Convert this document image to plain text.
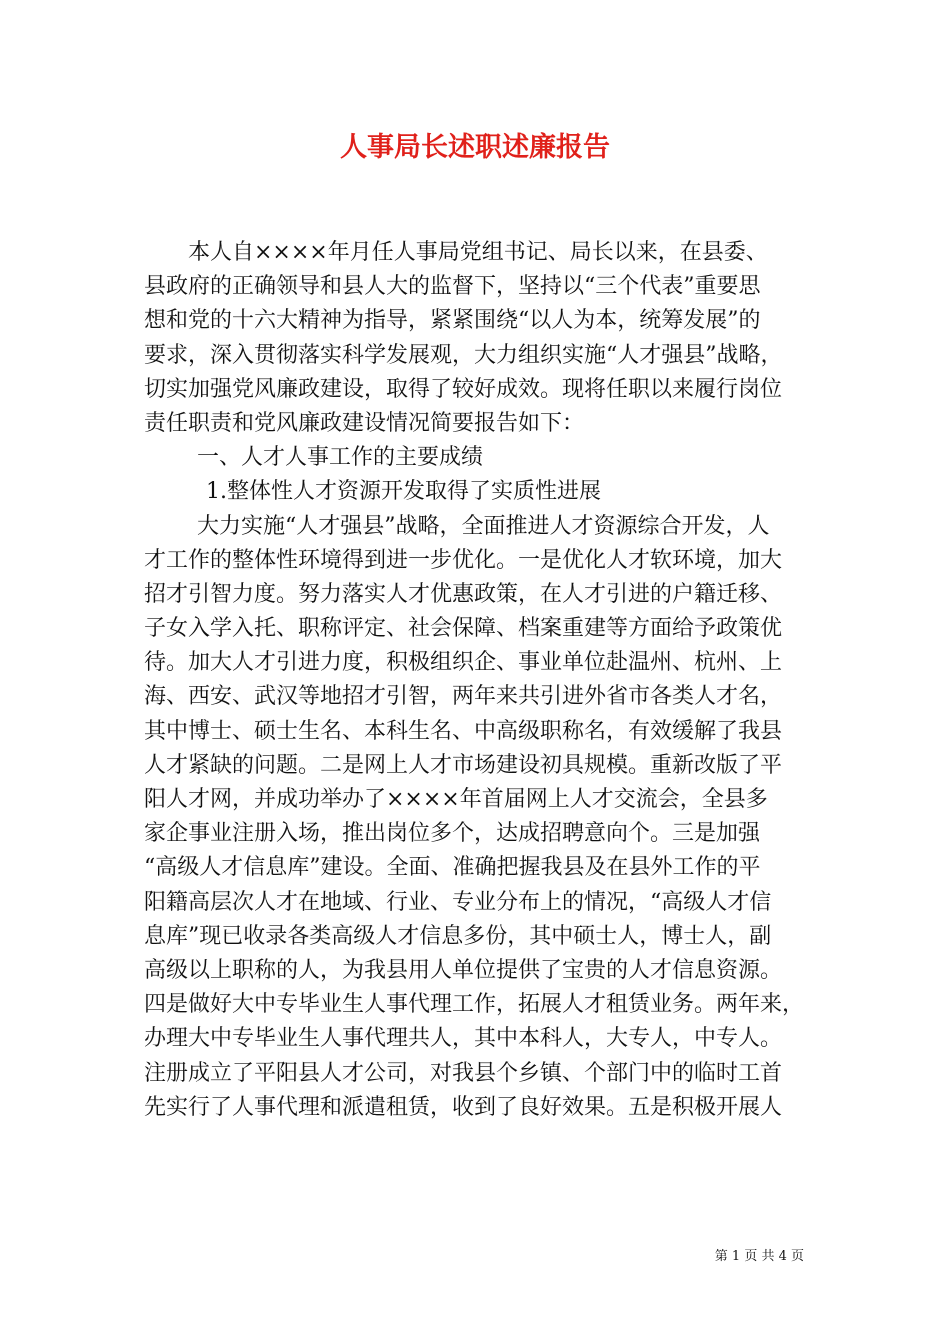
人事局长述职述廉报告
本人自××××年月任人事局党组书记、局长以来，在县委、
县政府的正确领导和县人大的监督下，坚持以“三个代表”重要思
想和党的十六大精神为指导，紧紧围绕“以人为本，统筹发展”的
要求，深入贯彻落实科学发展观，大力组织实施“人才强县”战略，
切实加强党风廉政建设，取得了较好成效。现将任职以来履行岗位
责任职责和党风廉政建设情况简要报告如下：
一、人才人事工作的主要成绩
1.整体性人才资源开发取得了实质性进展
大力实施“人才强县”战略，全面推进人才资源综合开发，人
才工作的整体性环境得到进一步优化。一是优化人才软环境，加大
招才引智力度。努力落实人才优惠政策，在人才引进的户籍迁移、
子女入学入托、职称评定、社会保障、档案重建等方面给予政策优
待。加大人才引进力度，积极组织企、事业单位赴温州、杭州、上
海、西安、武汉等地招才引智，两年来共引进外省市各类人才名，
其中博士、硕士生名、本科生名、中高级职称名，有效缓解了我县
人才紧缺的问题。二是网上人才市场建设初具规模。重新改版了平
阳人才网，并成功举办了××××年首届网上人才交流会，全县多
家企事业注册入场，推出岗位多个，达成招聘意向个。三是加强
“高级人才信息库”建设。全面、准确把握我县及在县外工作的平
阳籍高层次人才在地域、行业、专业分布上的情况，“高级人才信
息库”现已收录各类高级人才信息多份，其中硕士人，博士人，副
高级以上职称的人，为我县用人单位提供了宝贵的人才信息资源。
四是做好大中专毕业生人事代理工作，拓展人才租赁业务。两年来，
办理大中专毕业生人事代理共人，其中本科人，大专人，中专人。
注册成立了平阳县人才公司，对我县个乡镇、个部门中的临时工首
先实行了人事代理和派遣租赁，收到了良好效果。五是积极开展人
第 1 页 共 4 页
